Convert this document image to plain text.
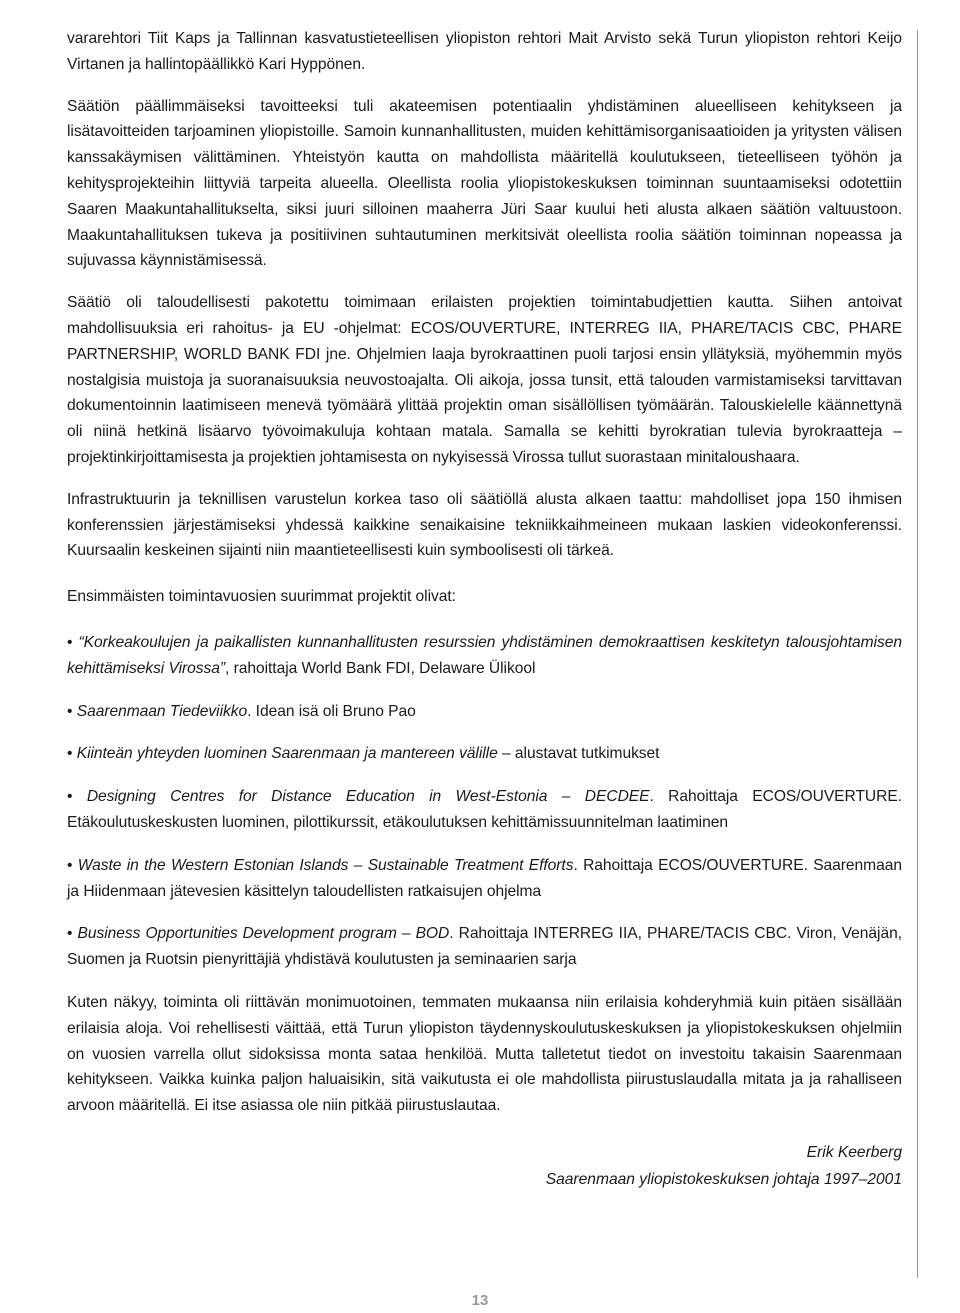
vararehtori Tiit Kaps ja Tallinnan kasvatustieteellisen yliopiston rehtori Mait Arvisto sekä Turun yliopiston rehtori Keijo Virtanen ja hallintopäällikkö Kari Hyppönen.

Säätiön päällimmäiseksi tavoitteeksi tuli akateemisen potentiaalin yhdistäminen alueelliseen kehitykseen ja lisätavoitteiden tarjoaminen yliopistoille. Samoin kunnanhallitusten, muiden kehittämisorganisaatioiden ja yritysten välisen kanssakäymisen välittäminen. Yhteistyön kautta on mahdollista määritellä koulutukseen, tieteelliseen työhön ja kehitysprojekteihin liittyviä tarpeita alueella. Oleellista roolia yliopistokeskuksen toiminnan suuntaamiseksi odotettiin Saaren Maakuntahallitukselta, siksi juuri silloinen maaherra Jüri Saar kuului heti alusta alkaen säätiön valtuustoon. Maakuntahallituksen tukeva ja positiivinen suhtautuminen merkitsivät oleellista roolia säätiön toiminnan nopeassa ja sujuvassa käynnistämisessä.

Säätiö oli taloudellisesti pakotettu toimimaan erilaisten projektien toimintabudjettien kautta. Siihen antoivat mahdollisuuksia eri rahoitus- ja EU -ohjelmat: ECOS/OUVERTURE, INTERREG IIA, PHARE/TACIS CBC, PHARE PARTNERSHIP, WORLD BANK FDI jne. Ohjelmien laaja byrokraattinen puoli tarjosi ensin yllätyksiä, myöhemmin myös nostalgisia muistoja ja suoranaisuuksia neuvostoajalta. Oli aikoja, jossa tunsit, että talouden varmistamiseksi tarvittavan dokumentoinnin laatimiseen menevä työmäärä ylittää projektin oman sisällöllisen työmäärän. Talouskielelle käännettynä oli niinä hetkinä lisäarvo työvoimakuluja kohtaan matala. Samalla se kehitti byrokratian tulevia byrokraatteja – projektinkirjoittamisesta ja projektien johtamisesta on nykyisessä Virossa tullut suorastaan minitaloushaara.

Infrastruktuurin ja teknillisen varustelun korkea taso oli säätiöllä alusta alkaen taattu: mahdolliset jopa 150 ihmisen konferenssien järjestämiseksi yhdessä kaikkine senaikaisine tekniikkaihmeineen mukaan laskien videokonferenssi. Kuursaalin keskeinen sijainti niin maantieteellisesti kuin symboolisesti oli tärkeä.

Ensimmäisten toimintavuosien suurimmat projektit olivat:

• “Korkeakoulujen ja paikallisten kunnanhallitusten resurssien yhdistäminen demokraattisen keskitetyn talousjohtamisen kehittämiseksi Virossa”, rahoittaja World Bank FDI, Delaware Ülikool

• Saarenmaan Tiedeviikko. Idean isä oli Bruno Pao

• Kiinteän yhteyden luominen Saarenmaan ja mantereen välille – alustavat tutkimukset

• Designing Centres for Distance Education in West-Estonia – DECDEE. Rahoittaja ECOS/OUVERTURE. Etäkoulutuskeskusten luominen, pilottikurssit, etäkoulutuksen kehittämissuunnitelman laatiminen

• Waste in the Western Estonian Islands – Sustainable Treatment Efforts. Rahoittaja ECOS/OUVERTURE. Saarenmaan ja Hiidenmaan jätevesien käsittelyn taloudellisten ratkaisujen ohjelma

• Business Opportunities Development program – BOD. Rahoittaja INTERREG IIA, PHARE/TACIS CBC. Viron, Venäjän, Suomen ja Ruotsin pienyrittäjiä yhdistävä koulutusten ja seminaarien sarja

Kuten näkyy, toiminta oli riittävän monimuotoinen, temmaten mukaansa niin erilaisia kohderyhmiä kuin pitäen sisällään erilaisia aloja. Voi rehellisesti väittää, että Turun yliopiston täydennyskoulutuskeskuksen ja yliopistokeskuksen ohjelmiin on vuosien varrella ollut sidoksissa monta sataa henkilöä. Mutta talletetut tiedot on investoitu takaisin Saarenmaan kehitykseen. Vaikka kuinka paljon haluaisikin, sitä vaikutusta ei ole mahdollista piirustuslaudalla mitata ja ja rahalliseen arvoon määritellä. Ei itse asiassa ole niin pitkää piirustuslautaa.

Erik Keerberg
Saarenmaan yliopistokeskuksen johtaja 1997–2001
13
